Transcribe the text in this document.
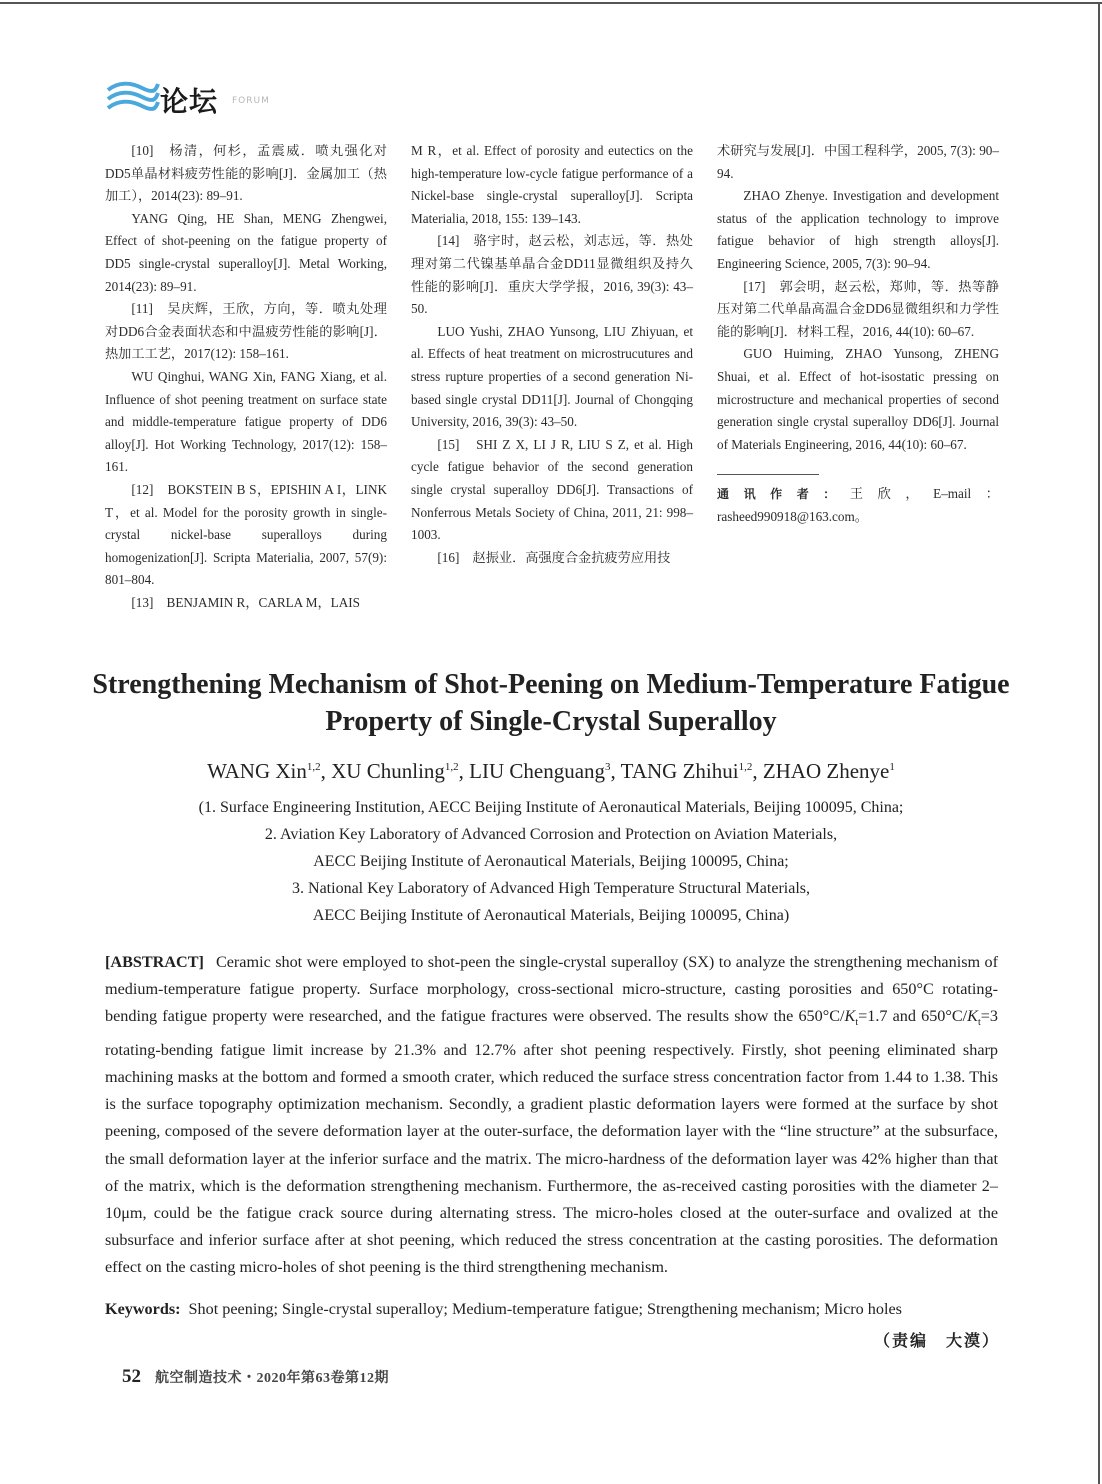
论坛 FORUM

[10]　杨清，何杉，孟震威．喷丸强化对DD5单晶材料疲劳性能的影响[J]．金属加工（热加工），2014(23): 89–91.

YANG Qing, HE Shan, MENG Zhengwei, Effect of shot-peening on the fatigue property of DD5 single-crystal superalloy[J]. Metal Working, 2014(23): 89–91.

[11]　吴庆辉，王欣，方向，等．喷丸处理对DD6合金表面状态和中温疲劳性能的影响[J]．热加工工艺，2017(12): 158–161.

WU Qinghui, WANG Xin, FANG Xiang, et al. Influence of shot peening treatment on surface state and middle-temperature fatigue property of DD6 alloy[J]. Hot Working Technology, 2017(12): 158–161.

[12]　BOKSTEIN B S，EPISHIN A I，LINK T，et al. Model for the porosity growth in single-crystal nickel-base superalloys during homogenization[J]. Scripta Materialia, 2007, 57(9): 801–804.

[13]　BENJAMIN R，CARLA M，LAIS

M R，et al. Effect of porosity and eutectics on the high-temperature low-cycle fatigue performance of a Nickel-base single-crystal superalloy[J]. Scripta Materialia, 2018, 155: 139–143.

[14]　骆宇时，赵云松，刘志远，等．热处理对第二代镍基单晶合金DD11显微组织及持久性能的影响[J]．重庆大学学报，2016, 39(3): 43–50.

LUO Yushi, ZHAO Yunsong, LIU Zhiyuan, et al. Effects of heat treatment on microstrucutures and stress rupture properties of a second generation Ni-based single crystal DD11[J]. Journal of Chongqing University, 2016, 39(3): 43–50.

[15]　SHI Z X, LI J R, LIU S Z, et al. High cycle fatigue behavior of the second generation single crystal superalloy DD6[J]. Transactions of Nonferrous Metals Society of China, 2011, 21: 998–1003.

[16]　赵振业．高强度合金抗疲劳应用技

术研究与发展[J]．中国工程科学，2005, 7(3): 90–94.

ZHAO Zhenye. Investigation and development status of the application technology to improve fatigue behavior of high strength alloys[J]. Engineering Science, 2005, 7(3): 90–94.

[17]　郭会明，赵云松，郑帅，等．热等静压对第二代单晶高温合金DD6显微组织和力学性能的影响[J]．材料工程，2016, 44(10): 60–67.

GUO Huiming, ZHAO Yunsong, ZHENG Shuai, et al. Effect of hot-isostatic pressing on microstructure and mechanical properties of second generation single crystal superalloy DD6[J]. Journal of Materials Engineering, 2016, 44(10): 60–67.

通讯作者：王欣，E–mail：rasheed990918@163.com。

Strengthening Mechanism of Shot-Peening on Medium-Temperature Fatigue
Property of Single-Crystal Superalloy
WANG Xin$^{1,2}$, XU Chunling$^{1,2}$, LIU Chenguang$^3$, TANG Zhihui$^{1,2}$, ZHAO Zhenye$^1$
(1. Surface Engineering Institution, AECC Beijing Institute of Aeronautical Materials, Beijing 100095, China;
2. Aviation Key Laboratory of Advanced Corrosion and Protection on Aviation Materials,
AECC Beijing Institute of Aeronautical Materials, Beijing 100095, China;
3. National Key Laboratory of Advanced High Temperature Structural Materials,
AECC Beijing Institute of Aeronautical Materials, Beijing 100095, China)

[ABSTRACT] Ceramic shot were employed to shot-peen the single-crystal superalloy (SX) to analyze the strengthening mechanism of medium-temperature fatigue property. Surface morphology, cross-sectional micro-structure, casting porosities and 650°C rotating-bending fatigue property were researched, and the fatigue fractures were observed. The results show the $650^\circ C/K_t=1.7$ and $650^\circ C/K_t=3$ rotating-bending fatigue limit increase by 21.3% and 12.7% after shot peening respectively. Firstly, shot peening eliminated sharp machining masks at the bottom and formed a smooth crater, which reduced the surface stress concentration factor from 1.44 to 1.38. This is the surface topography optimization mechanism. Secondly, a gradient plastic deformation layers were formed at the surface by shot peening, composed of the severe deformation layer at the outer-surface, the deformation layer with the “line structure” at the subsurface, the small deformation layer at the inferior surface and the matrix. The micro-hardness of the deformation layer was 42% higher than that of the matrix, which is the deformation strengthening mechanism. Furthermore, the as-received casting porosities with the diameter 2–10μm, could be the fatigue crack source during alternating stress. The micro-holes closed at the outer-surface and ovalized at the subsurface and inferior surface after at shot peening, which reduced the stress concentration at the casting porosities. The deformation effect on the casting micro-holes of shot peening is the third strengthening mechanism.

Keywords: Shot peening; Single-crystal superalloy; Medium-temperature fatigue; Strengthening mechanism; Micro holes
（责编　大漠）
52 航空制造技术・2020年第63卷第12期
